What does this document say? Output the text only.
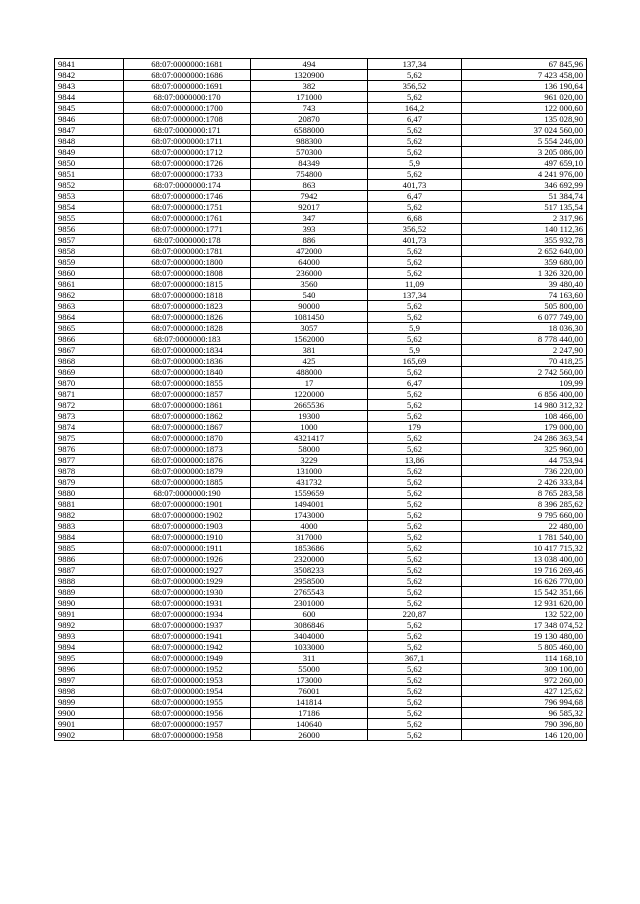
9841	68:07:0000000:1681	494	137,34	67 845,96
9842	68:07:0000000:1686	1320900	5,62	7 423 458,00
9843	68:07:0000000:1691	382	356,52	136 190,64
9844	68:07:0000000:170	171000	5,62	961 020,00
9845	68:07:0000000:1700	743	164,2	122 000,60
9846	68:07:0000000:1708	20870	6,47	135 028,90
9847	68:07:0000000:171	6588000	5,62	37 024 560,00
9848	68:07:0000000:1711	988300	5,62	5 554 246,00
9849	68:07:0000000:1712	570300	5,62	3 205 086,00
9850	68:07:0000000:1726	84349	5,9	497 659,10
9851	68:07:0000000:1733	754800	5,62	4 241 976,00
9852	68:07:0000000:174	863	401,73	346 692,99
9853	68:07:0000000:1746	7942	6,47	51 384,74
9854	68:07:0000000:1751	92017	5,62	517 135,54
9855	68:07:0000000:1761	347	6,68	2 317,96
9856	68:07:0000000:1771	393	356,52	140 112,36
9857	68:07:0000000:178	886	401,73	355 932,78
9858	68:07:0000000:1781	472000	5,62	2 652 640,00
9859	68:07:0000000:1800	64000	5,62	359 680,00
9860	68:07:0000000:1808	236000	5,62	1 326 320,00
9861	68:07:0000000:1815	3560	11,09	39 480,40
9862	68:07:0000000:1818	540	137,34	74 163,60
9863	68:07:0000000:1823	90000	5,62	505 800,00
9864	68:07:0000000:1826	1081450	5,62	6 077 749,00
9865	68:07:0000000:1828	3057	5,9	18 036,30
9866	68:07:0000000:183	1562000	5,62	8 778 440,00
9867	68:07:0000000:1834	381	5,9	2 247,90
9868	68:07:0000000:1836	425	165,69	70 418,25
9869	68:07:0000000:1840	488000	5,62	2 742 560,00
9870	68:07:0000000:1855	17	6,47	109,99
9871	68:07:0000000:1857	1220000	5,62	6 856 400,00
9872	68:07:0000000:1861	2665536	5,62	14 980 312,32
9873	68:07:0000000:1862	19300	5,62	108 466,00
9874	68:07:0000000:1867	1000	179	179 000,00
9875	68:07:0000000:1870	4321417	5,62	24 286 363,54
9876	68:07:0000000:1873	58000	5,62	325 960,00
9877	68:07:0000000:1876	3229	13,86	44 753,94
9878	68:07:0000000:1879	131000	5,62	736 220,00
9879	68:07:0000000:1885	431732	5,62	2 426 333,84
9880	68:07:0000000:190	1559659	5,62	8 765 283,58
9881	68:07:0000000:1901	1494001	5,62	8 396 285,62
9882	68:07:0000000:1902	1743000	5,62	9 795 660,00
9883	68:07:0000000:1903	4000	5,62	22 480,00
9884	68:07:0000000:1910	317000	5,62	1 781 540,00
9885	68:07:0000000:1911	1853686	5,62	10 417 715,32
9886	68:07:0000000:1926	2320000	5,62	13 038 400,00
9887	68:07:0000000:1927	3508233	5,62	19 716 269,46
9888	68:07:0000000:1929	2958500	5,62	16 626 770,00
9889	68:07:0000000:1930	2765543	5,62	15 542 351,66
9890	68:07:0000000:1931	2301000	5,62	12 931 620,00
9891	68:07:0000000:1934	600	220,87	132 522,00
9892	68:07:0000000:1937	3086846	5,62	17 348 074,52
9893	68:07:0000000:1941	3404000	5,62	19 130 480,00
9894	68:07:0000000:1942	1033000	5,62	5 805 460,00
9895	68:07:0000000:1949	311	367,1	114 168,10
9896	68:07:0000000:1952	55000	5,62	309 100,00
9897	68:07:0000000:1953	173000	5,62	972 260,00
9898	68:07:0000000:1954	76001	5,62	427 125,62
9899	68:07:0000000:1955	141814	5,62	796 994,68
9900	68:07:0000000:1956	17186	5,62	96 585,32
9901	68:07:0000000:1957	140640	5,62	790 396,80
9902	68:07:0000000:1958	26000	5,62	146 120,00
